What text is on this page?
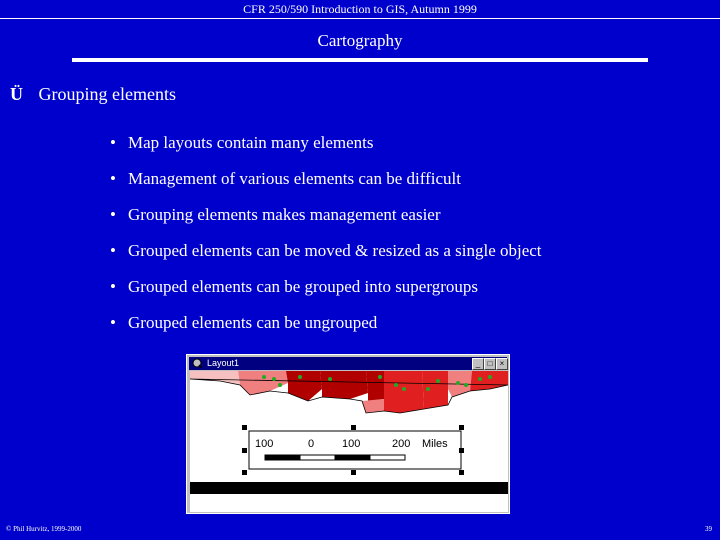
CFR 250/590 Introduction to GIS, Autumn 1999
Cartography
Ü Grouping elements
• Map layouts contain many elements
• Management of various elements can be difficult
• Grouping elements makes management easier
• Grouped elements can be moved & resized as a single object
• Grouped elements can be grouped into supergroups
• Grouped elements can be ungrouped
Layout1	_ □ ×
100	0	100	200 Miles
© Phil Hurvitz, 1999-2000	39
